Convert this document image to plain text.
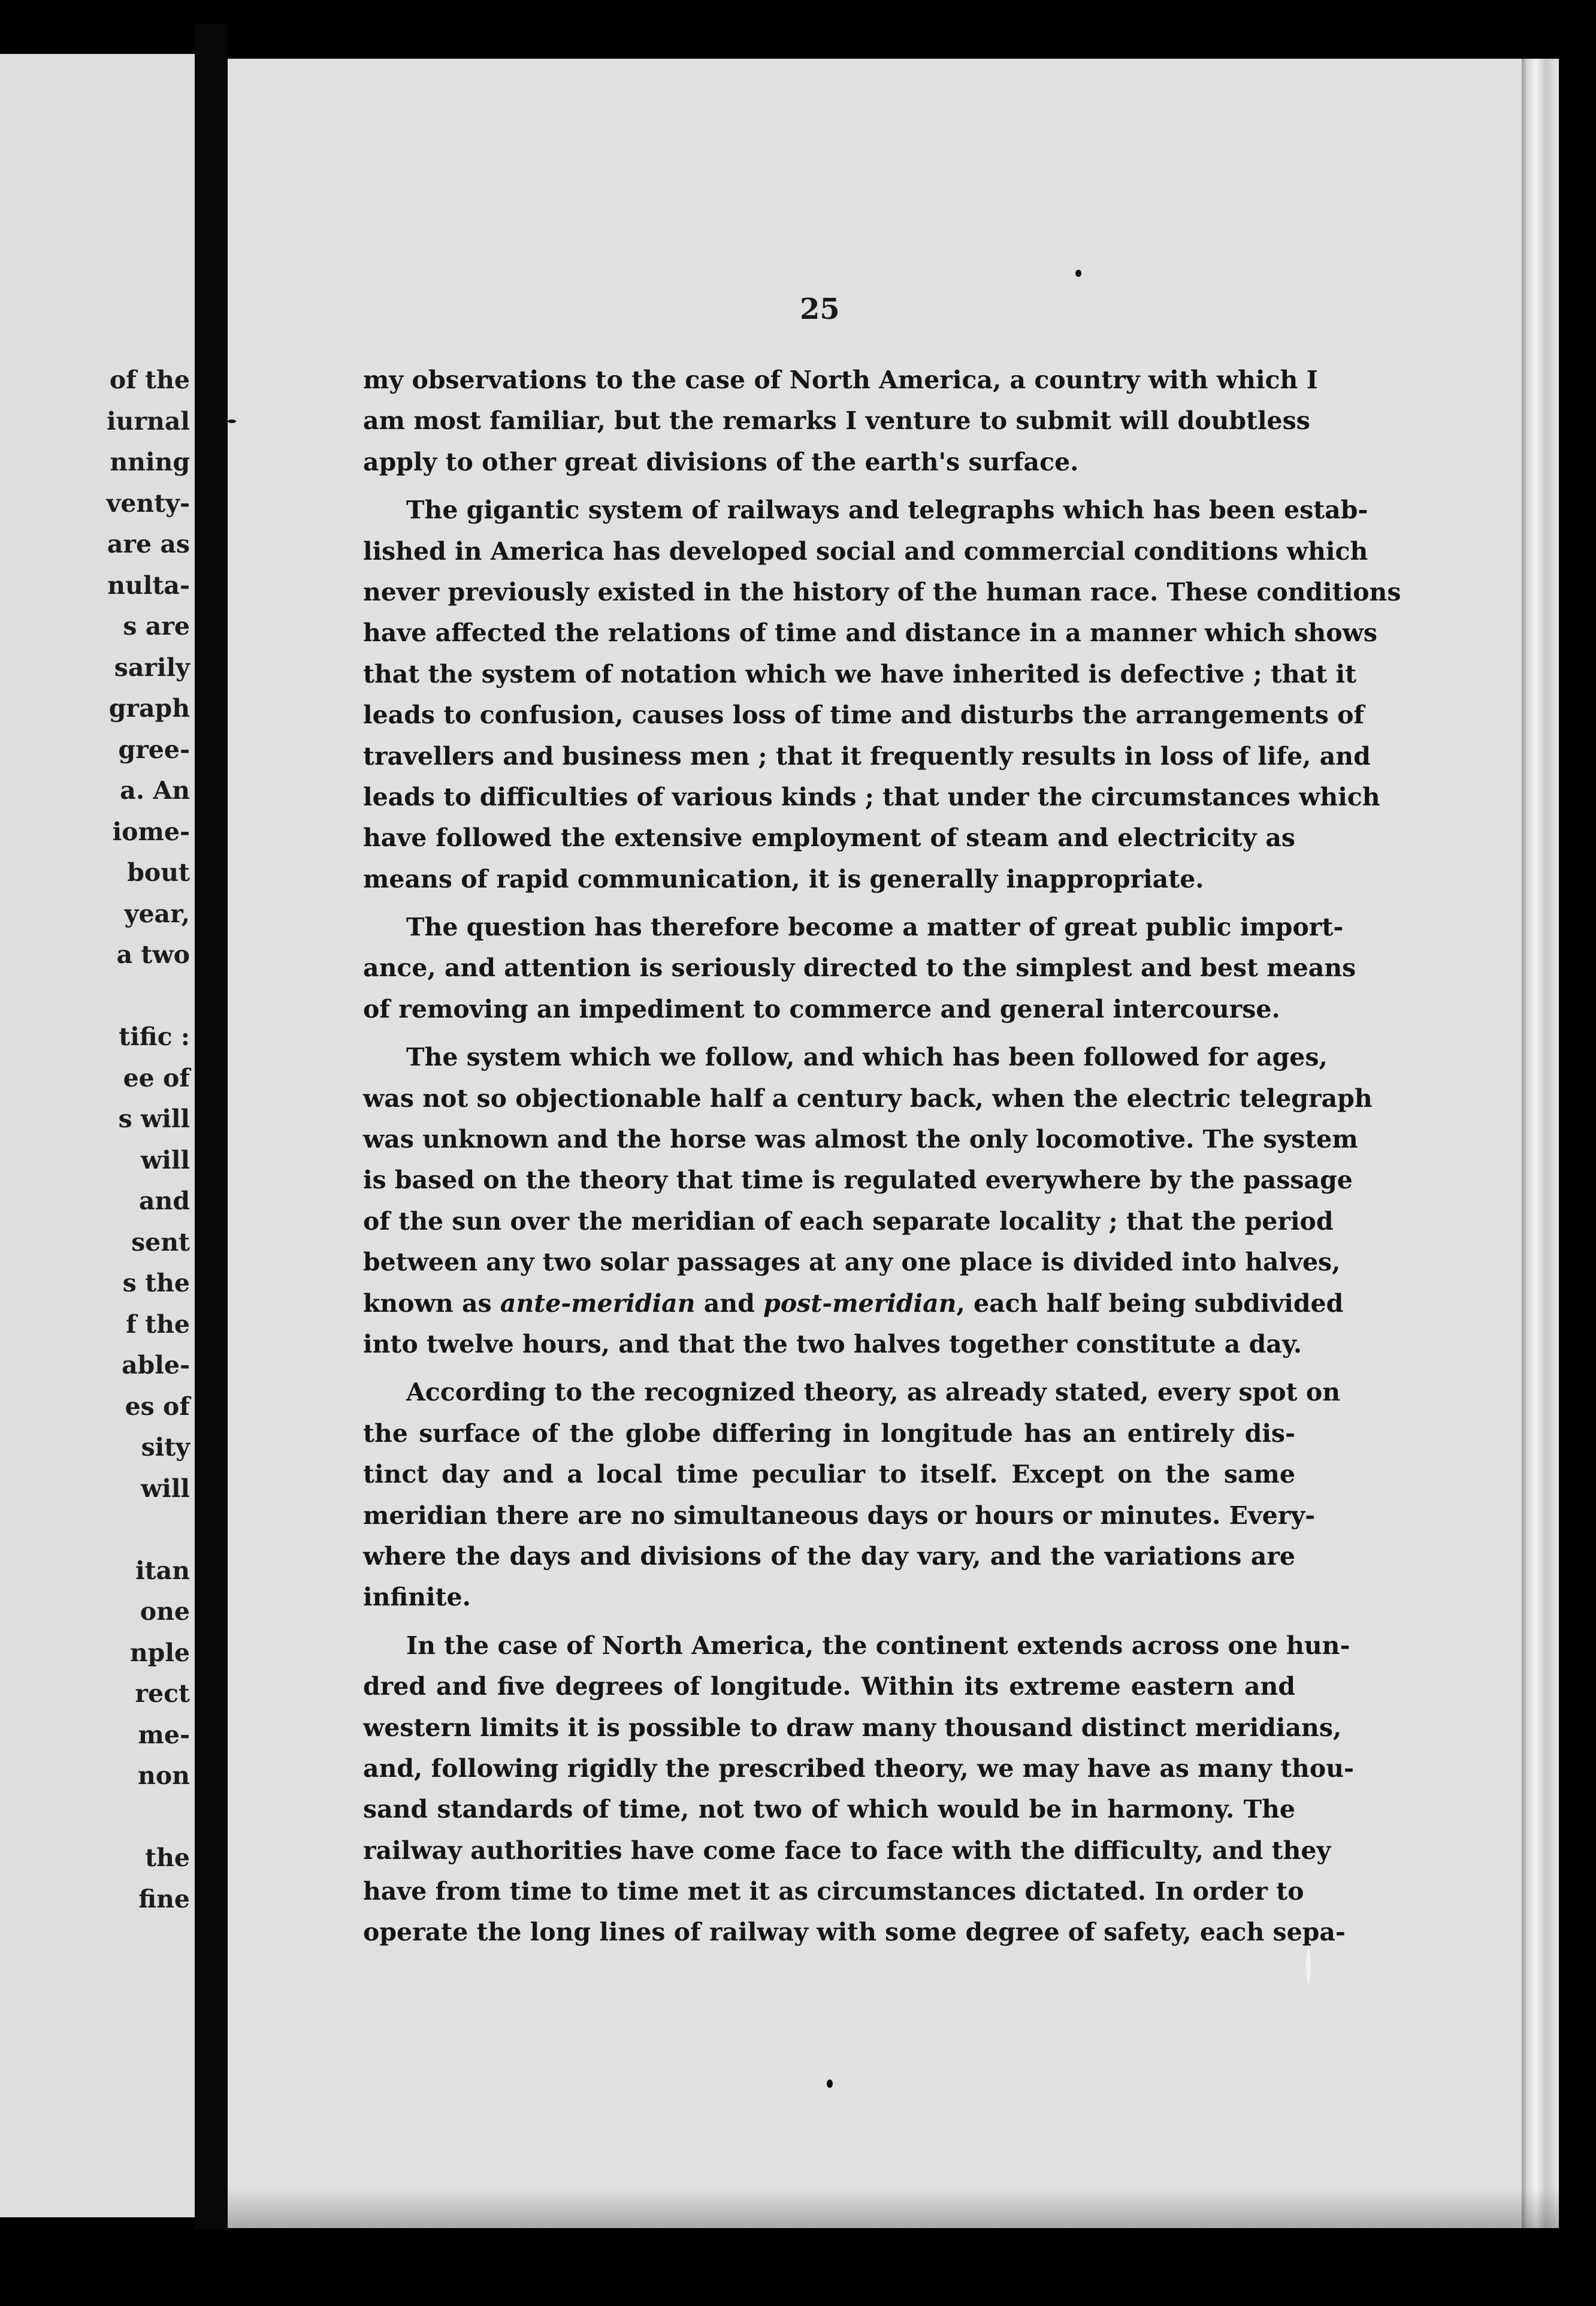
of the
iurnal
nning
venty-
are as
nulta-
s are
sarily
graph
gree-
a. An
iome-
bout
year,
a two
tific :
ee of
s will
will
and
sent
s the
f the
able-
es of
sity
will
itan
one
nple
rect
me-
non
the
fine
25
my observations to the case of North America, a country with which I
am most familiar, but the remarks I venture to submit will doubtless
apply to other great divisions of the earth's surface.
The gigantic system of railways and telegraphs which has been estab-
lished in America has developed social and commercial conditions which
never previously existed in the history of the human race. These conditions
have affected the relations of time and distance in a manner which shows
that the system of notation which we have inherited is defective ; that it
leads to confusion, causes loss of time and disturbs the arrangements of
travellers and business men ; that it frequently results in loss of life, and
leads to difficulties of various kinds ; that under the circumstances which
have followed the extensive employment of steam and electricity as
means of rapid communication, it is generally inappropriate.
The question has therefore become a matter of great public import-
ance, and attention is seriously directed to the simplest and best means
of removing an impediment to commerce and general intercourse.
The system which we follow, and which has been followed for ages,
was not so objectionable half a century back, when the electric telegraph
was unknown and the horse was almost the only locomotive. The system
is based on the theory that time is regulated everywhere by the passage
of the sun over the meridian of each separate locality ; that the period
between any two solar passages at any one place is divided into halves,
known as ante-meridian and post-meridian, each half being subdivided
into twelve hours, and that the two halves together constitute a day.
According to the recognized theory, as already stated, every spot on
the surface of the globe differing in longitude has an entirely dis-
tinct day and a local time peculiar to itself. Except on the same
meridian there are no simultaneous days or hours or minutes. Every-
where the days and divisions of the day vary, and the variations are
infinite.
In the case of North America, the continent extends across one hun-
dred and five degrees of longitude. Within its extreme eastern and
western limits it is possible to draw many thousand distinct meridians,
and, following rigidly the prescribed theory, we may have as many thou-
sand standards of time, not two of which would be in harmony. The
railway authorities have come face to face with the difficulty, and they
have from time to time met it as circumstances dictated. In order to
operate the long lines of railway with some degree of safety, each sepa-
